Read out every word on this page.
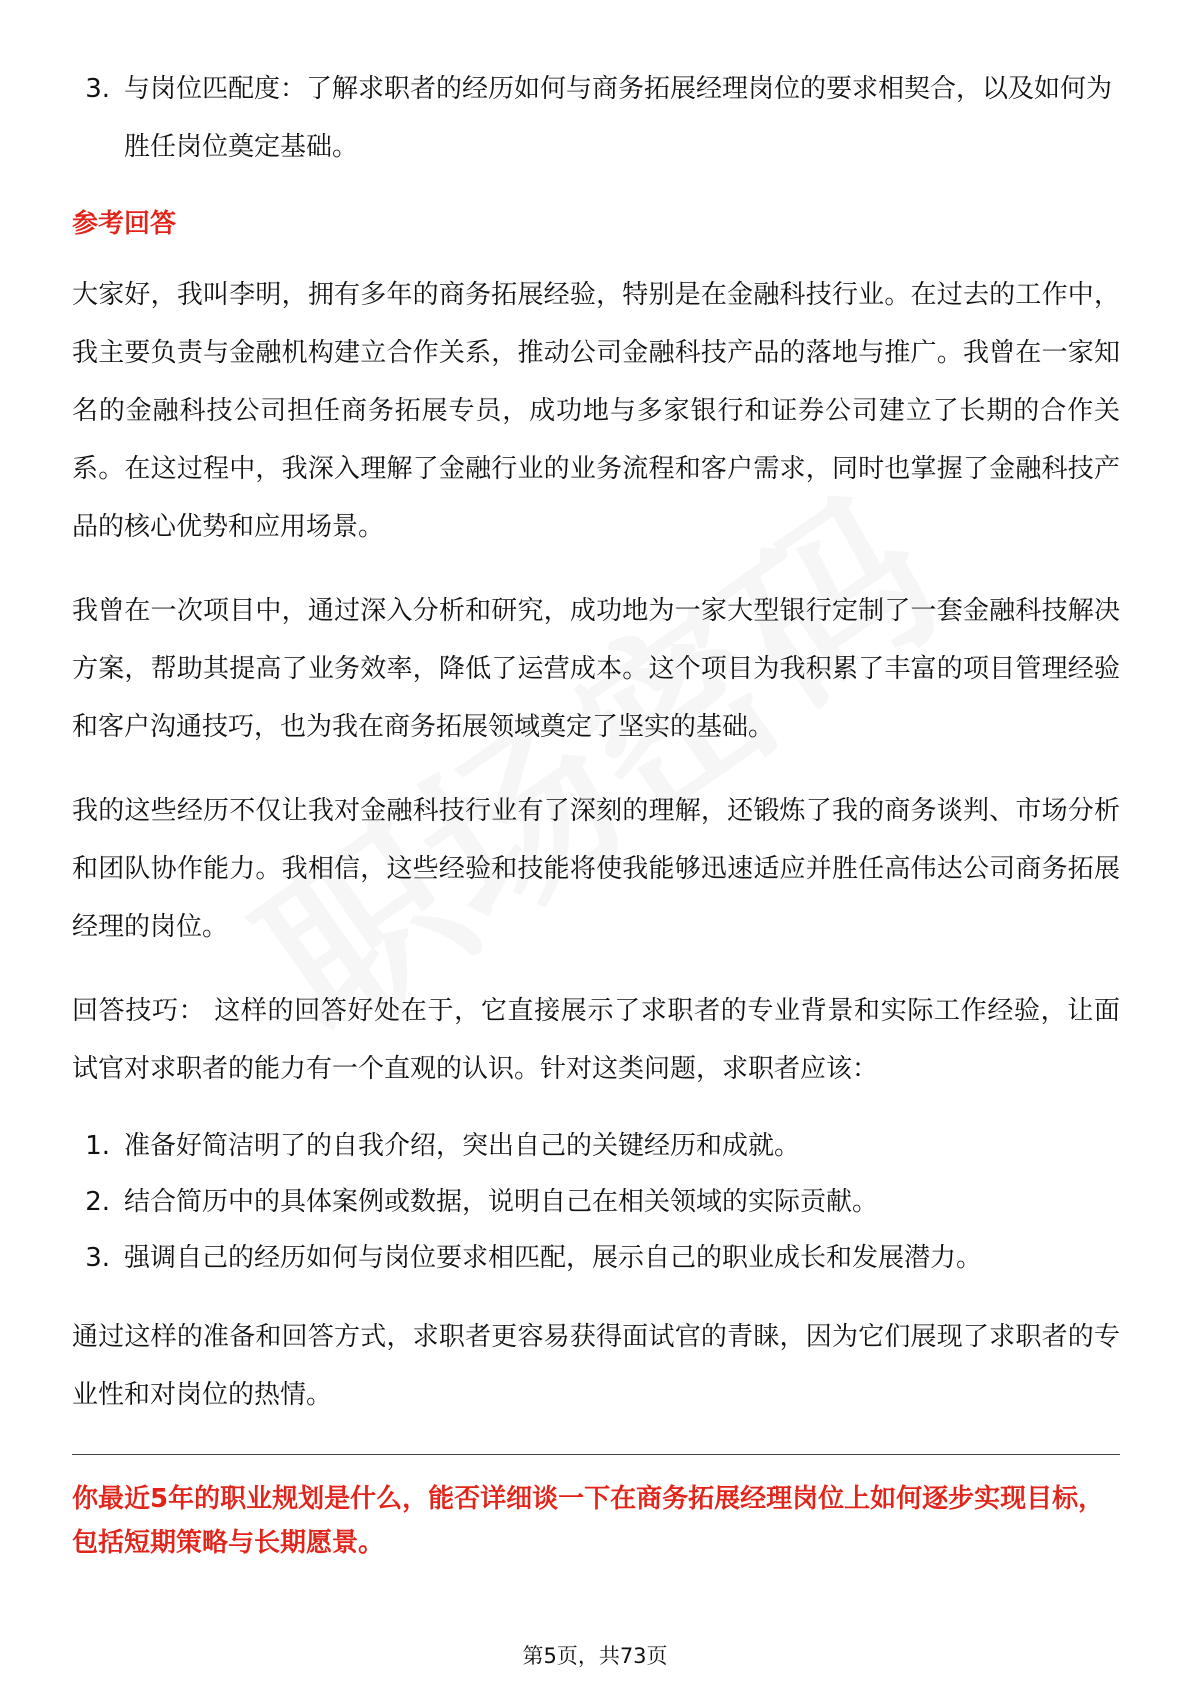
3. 与岗位匹配度：了解求职者的经历如何与商务拓展经理岗位的要求相契合，以及如何为胜任岗位奠定基础。
参考回答

大家好，我叫李明，拥有多年的商务拓展经验，特别是在金融科技行业。在过去的工作中，我主要负责与金融机构建立合作关系，推动公司金融科技产品的落地与推广。我曾在一家知名的金融科技公司担任商务拓展专员，成功地与多家银行和证券公司建立了长期的合作关系。在这过程中，我深入理解了金融行业的业务流程和客户需求，同时也掌握了金融科技产品的核心优势和应用场景。

我曾在一次项目中，通过深入分析和研究，成功地为一家大型银行定制了一套金融科技解决方案，帮助其提高了业务效率，降低了运营成本。这个项目为我积累了丰富的项目管理经验和客户沟通技巧，也为我在商务拓展领域奠定了坚实的基础。

我的这些经历不仅让我对金融科技行业有了深刻的理解，还锻炼了我的商务谈判、市场分析和团队协作能力。我相信，这些经验和技能将使我能够迅速适应并胜任高伟达公司商务拓展经理的岗位。

回答技巧： 这样的回答好处在于，它直接展示了求职者的专业背景和实际工作经验，让面试官对求职者的能力有一个直观的认识。针对这类问题，求职者应该：

1. 准备好简洁明了的自我介绍，突出自己的关键经历和成就。
2. 结合简历中的具体案例或数据，说明自己在相关领域的实际贡献。
3. 强调自己的经历如何与岗位要求相匹配，展示自己的职业成长和发展潜力。

通过这样的准备和回答方式，求职者更容易获得面试官的青睐，因为它们展现了求职者的专业性和对岗位的热情。

你最近5年的职业规划是什么，能否详细谈一下在商务拓展经理岗位上如何逐步实现目标，包括短期策略与长期愿景。
第5页，共73页
